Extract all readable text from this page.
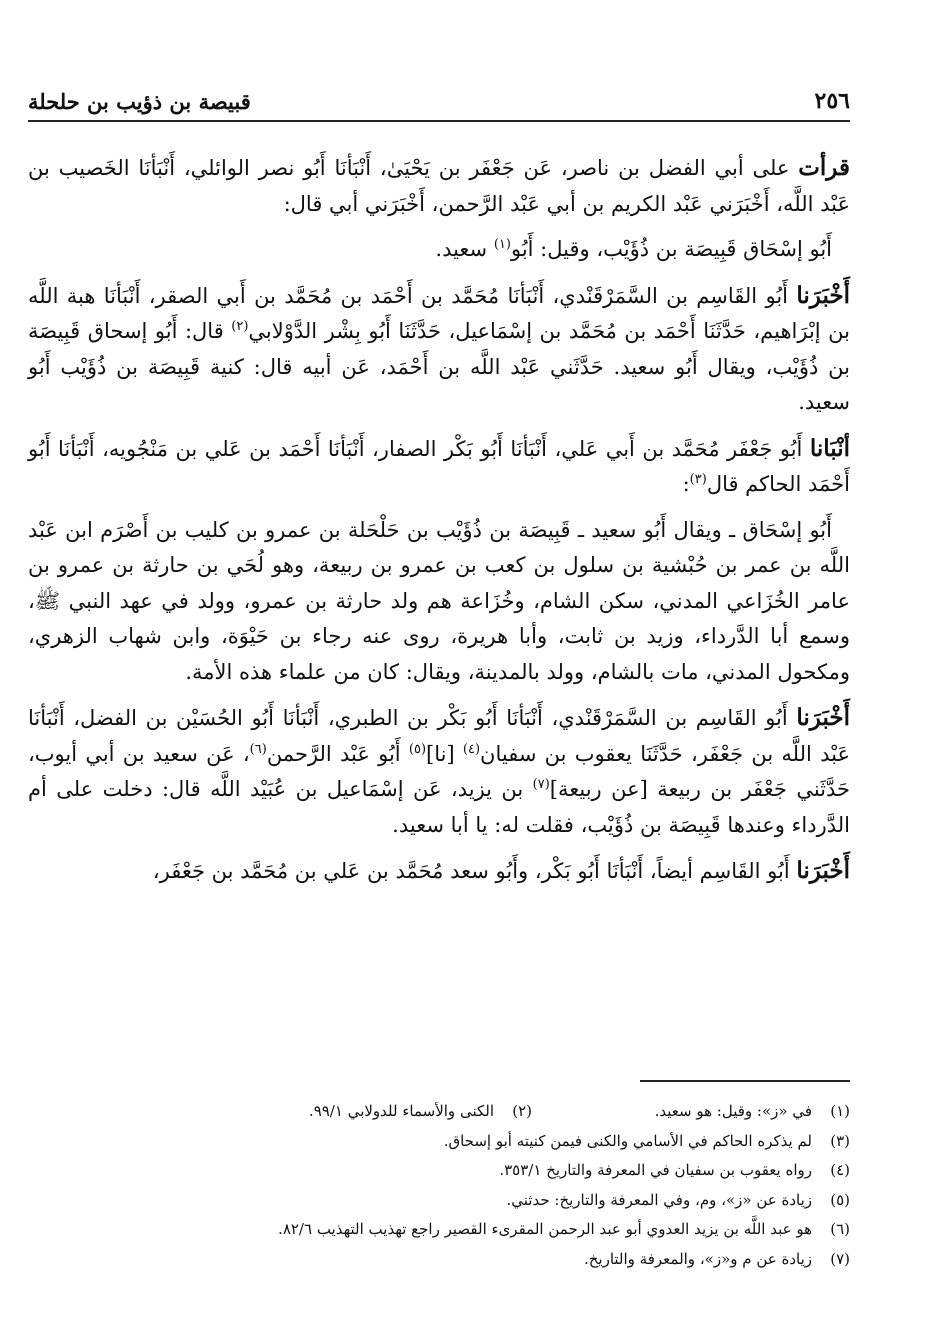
٢٥٦
قبيصة بن ذؤيب بن حلحلة

قرأت على أبي الفضل بن ناصر، عَن جَعْفَر بن يَحْيَىٰ، أَنْبَأنَا أَبُو نصر الوائلي، أَنْبَأنَا الخَصيب بن عَبْد اللَّه، أَخْبَرَني عَبْد الكريم بن أبي عَبْد الرَّحمن، أَخْبَرَني أبي قال:

أَبُو إسْحَاق قَبِيصَة بن ذُؤَيْب، وقيل: أَبُو$^{(١)}$ سعيد.

أَخْبَرَنا أَبُو القَاسِم بن السَّمَرْقَنْدي، أَنْبَأنَا مُحَمَّد بن أَحْمَد بن مُحَمَّد بن أَبي الصقر، أَنْبَأنَا هبة اللَّه بن إبْرَاهيم، حَدَّثَنَا أَحْمَد بن مُحَمَّد بن إسْمَاعيل، حَدَّثَنَا أَبُو بِشْر الدَّوْلابي$^{(٢)}$ قال: أَبُو إسحاق قَبِيصَة بن ذُؤَيْب، ويقال أَبُو سعيد. حَدَّثَني عَبْد اللَّه بن أَحْمَد، عَن أبيه قال: كنية قَبِيصَة بن ذُؤَيْب أَبُو سعيد.

أنْبَانا أَبُو جَعْفَر مُحَمَّد بن أَبي عَلي، أَنْبَأنَا أَبُو بَكْر الصفار، أَنْبَأنَا أَحْمَد بن عَلي بن مَنْجُويه، أَنْبَأنَا أَبُو أَحْمَد الحاكم قال$^{(٣)}$:

أَبُو إسْحَاق ـ ويقال أَبُو سعيد ـ قَبِيصَة بن ذُؤَيْب بن حَلْحَلة بن عمرو بن كليب بن أَصْرَم ابن عَبْد اللَّه بن عمر بن حُبْشية بن سلول بن كعب بن عمرو بن ربيعة، وهو لُحَي بن حارثة بن عمرو بن عامر الخُزَاعي المدني، سكن الشام، وخُزَاعة هم ولد حارثة بن عمرو، وولد في عهد النبي ﷺ، وسمع أبا الدَّرداء، وزيد بن ثابت، وأبا هريرة، روى عنه رجاء بن حَيْوَة، وابن شهاب الزهري، ومكحول المدني، مات بالشام، وولد بالمدينة، ويقال: كان من علماء هذه الأمة.

أَخْبَرَنا أَبُو القَاسِم بن السَّمَرْقَنْدي، أَنْبَأنَا أَبُو بَكْر بن الطبري، أَنْبَأنَا أَبُو الحُسَيْن بن الفضل، أَنْبَأنَا عَبْد اللَّه بن جَعْفَر، حَدَّثَنَا يعقوب بن سفيان$^{(٤)}$ [نا]$^{(٥)}$ أَبُو عَبْد الرَّحمن$^{(٦)}$، عَن سعيد بن أبي أيوب، حَدَّثَني جَعْفَر بن ربيعة [عن ربيعة]$^{(٧)}$ بن يزيد، عَن إسْمَاعيل بن عُبَيْد اللَّه قال: دخلت على أم الدَّرداء وعندها قَبِيصَة بن ذُؤَيْب، فقلت له: يا أبا سعيد.

أَخْبَرَنا أَبُو القَاسِم أيضاً، أَنْبَأنَا أَبُو بَكْر، وأَبُو سعد مُحَمَّد بن عَلي بن مُحَمَّد بن جَعْفَر،

(١)في «ز»: وقيل: هو سعيد.
(٢)الكنى والأسماء للدولابي ٩٩/١.
(٣)لم يذكره الحاكم في الأسامي والكنى فيمن كنيته أبو إسحاق.
(٤)رواه يعقوب بن سفيان في المعرفة والتاريخ ٣٥٣/١.
(٥)زيادة عن «ز»، وم، وفي المعرفة والتاريخ: حدثني.
(٦)هو عبد اللَّه بن يزيد العدوي أبو عبد الرحمن المقرىء القصير راجع تهذيب التهذيب ٨٢/٦.
(٧)زيادة عن م و«ز»، والمعرفة والتاريخ.
